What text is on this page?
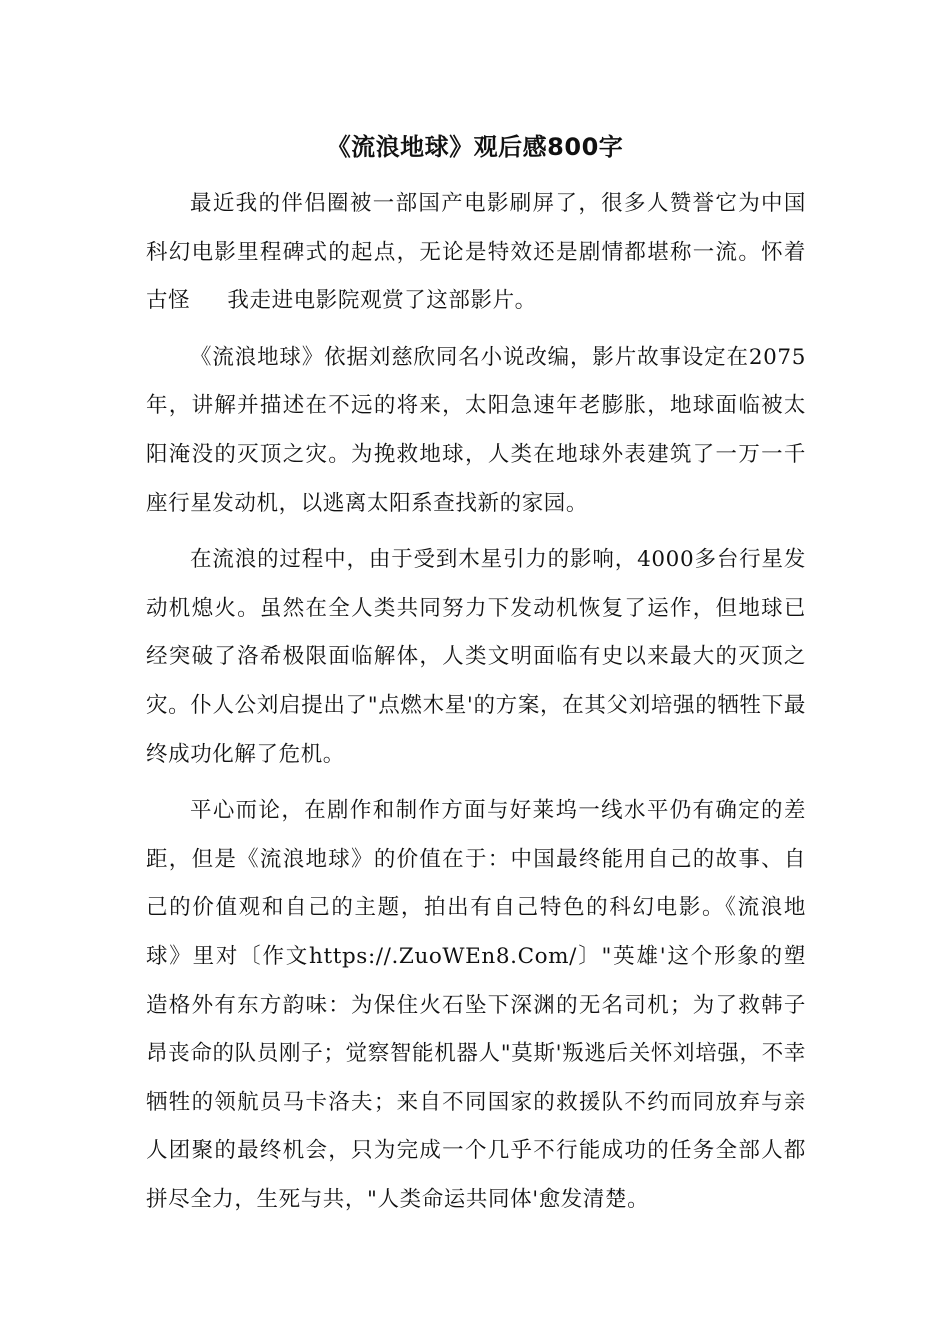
《流浪地球》观后感800字

最近我的伴侣圈被一部国产电影刷屏了，很多人赞誉它为中国科幻电影里程碑式的起点，无论是特效还是剧情都堪称一流。怀着古怪     我走进电影院观赏了这部影片。

《流浪地球》依据刘慈欣同名小说改编，影片故事设定在2075年，讲解并描述在不远的将来，太阳急速年老膨胀，地球面临被太阳淹没的灭顶之灾。为挽救地球，人类在地球外表建筑了一万一千座行星发动机，以逃离太阳系查找新的家园。

在流浪的过程中，由于受到木星引力的影响，4000多台行星发动机熄火。虽然在全人类共同努力下发动机恢复了运作，但地球已经突破了洛希极限面临解体，人类文明面临有史以来最大的灭顶之灾。仆人公刘启提出了"点燃木星'的方案，在其父刘培强的牺牲下最终成功化解了危机。

平心而论，在剧作和制作方面与好莱坞一线水平仍有确定的差距，但是《流浪地球》的价值在于：中国最终能用自己的故事、自己的价值观和自己的主题，拍出有自己特色的科幻电影。《流浪地球》里对〔作文https://.ZuoWEn8.Com/〕"英雄'这个形象的塑造格外有东方韵味：为保住火石坠下深渊的无名司机；为了救韩子昂丧命的队员刚子；觉察智能机器人"莫斯'叛逃后关怀刘培强，不幸牺牲的领航员马卡洛夫；来自不同国家的救援队不约而同放弃与亲人团聚的最终机会，只为完成一个几乎不行能成功的任务全部人都拼尽全力，生死与共，"人类命运共同体'愈发清楚。
